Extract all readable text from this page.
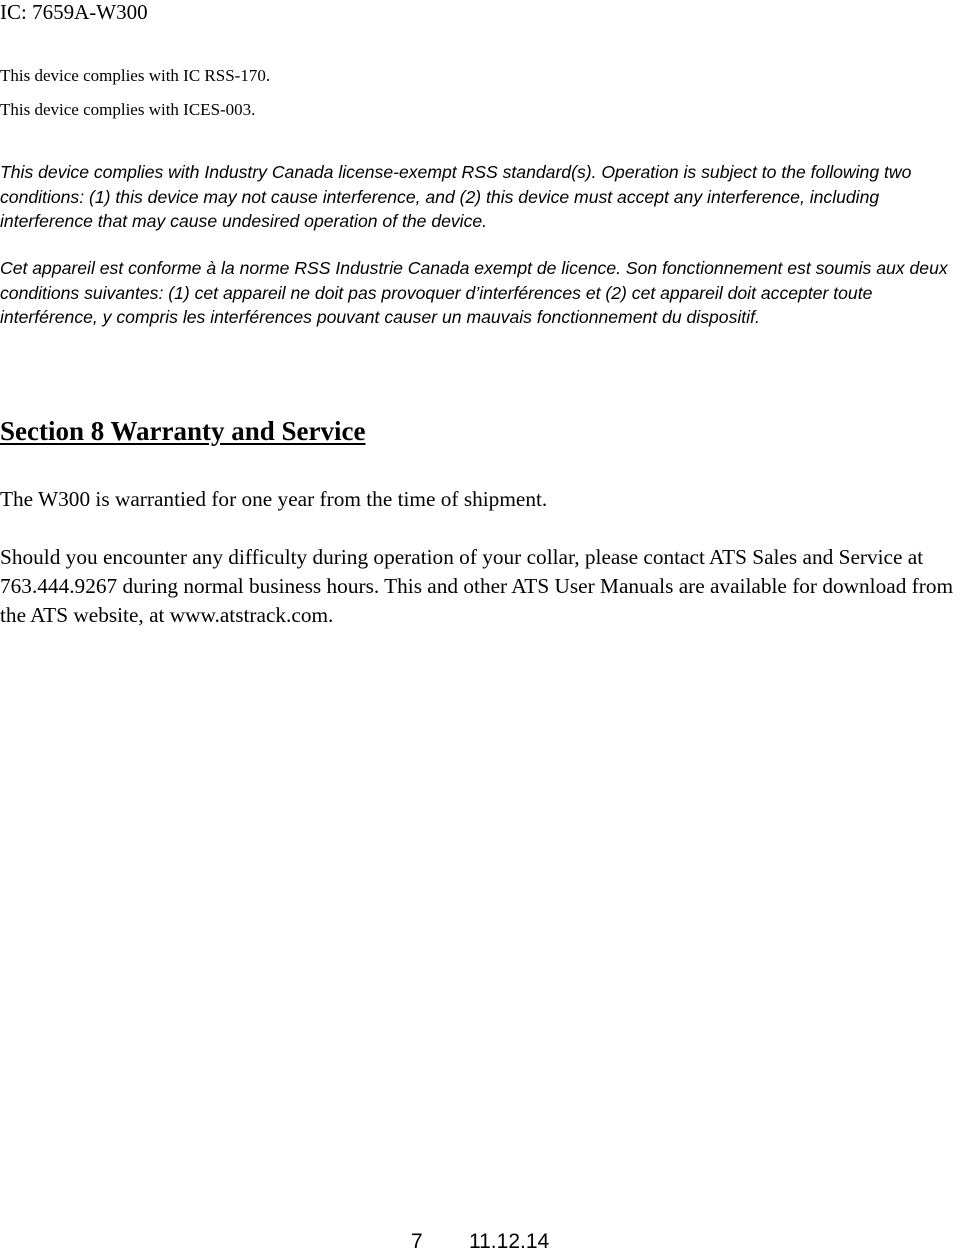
IC: 7659A-W300
This device complies with IC RSS-170.
This device complies with ICES-003.

This device complies with Industry Canada license-exempt RSS standard(s). Operation is subject to the following two conditions: (1) this device may not cause interference, and (2) this device must accept any interference, including interference that may cause undesired operation of the device.

Cet appareil est conforme à la norme RSS Industrie Canada exempt de licence. Son fonctionnement est soumis aux deux conditions suivantes: (1) cet appareil ne doit pas provoquer d’interférences et (2) cet appareil doit accepter toute interférence, y compris les interférences pouvant causer un mauvais fonctionnement du dispositif.

Section 8 Warranty and Service

The W300 is warrantied for one year from the time of shipment.

Should you encounter any difficulty during operation of your collar, please contact ATS Sales and Service at 763.444.9267 during normal business hours. This and other ATS User Manuals are available for download from the ATS website, at www.atstrack.com.

7 11.12.14
